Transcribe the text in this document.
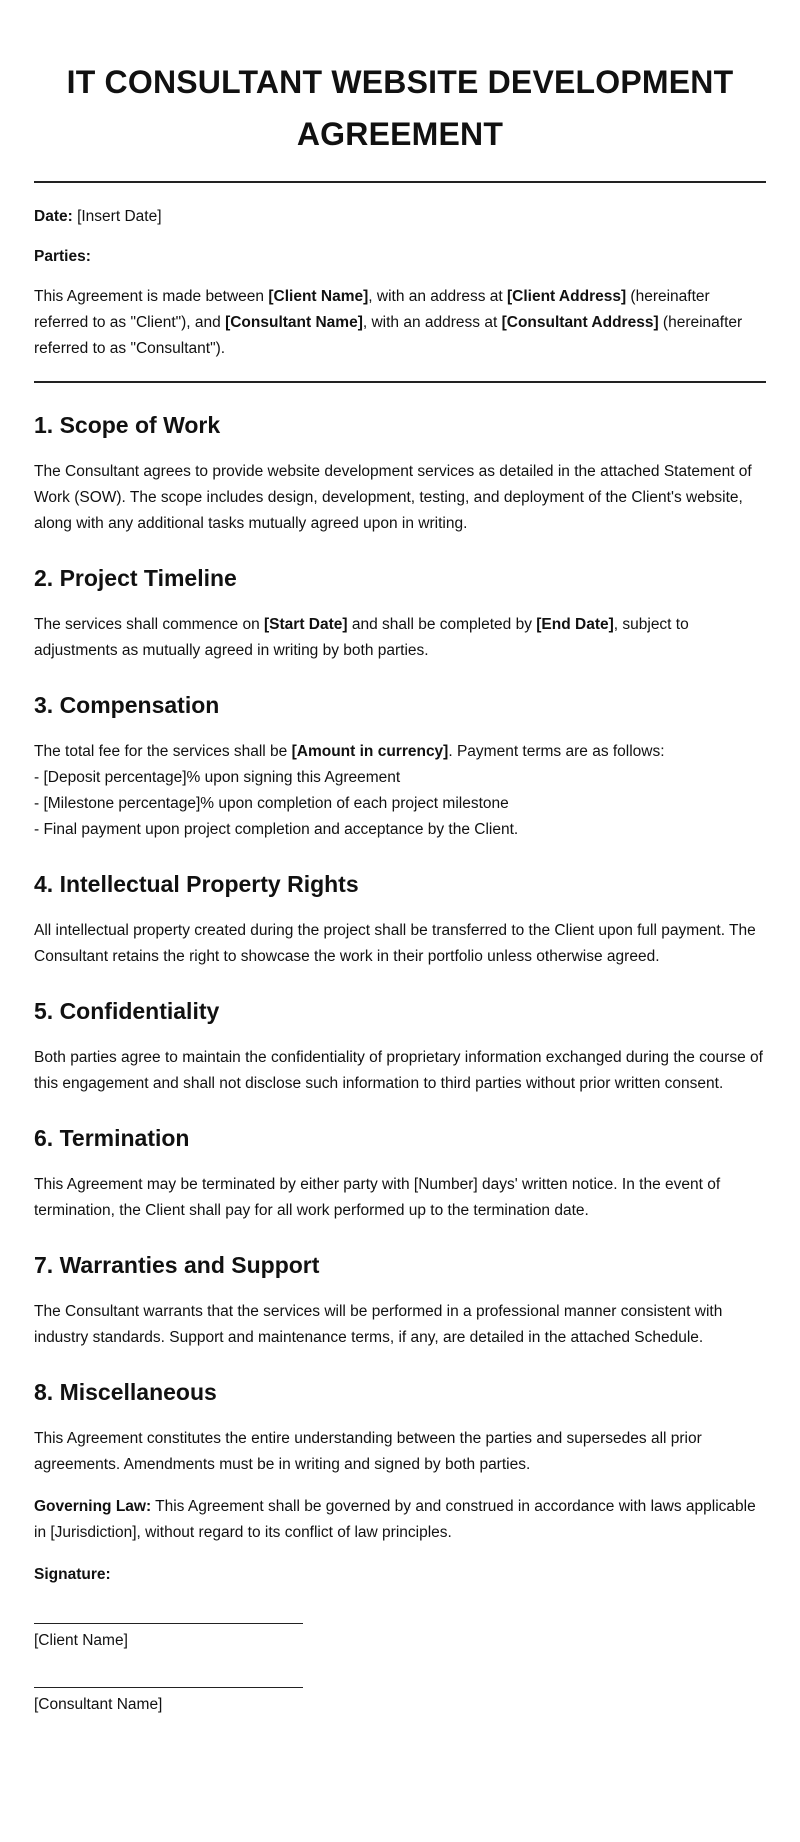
IT CONSULTANT WEBSITE DEVELOPMENT AGREEMENT

Date: [Insert Date]

Parties:

This Agreement is made between [Client Name], with an address at [Client Address] (hereinafter referred to as "Client"), and [Consultant Name], with an address at [Consultant Address] (hereinafter referred to as "Consultant").

1. Scope of Work

The Consultant agrees to provide website development services as detailed in the attached Statement of Work (SOW). The scope includes design, development, testing, and deployment of the Client's website, along with any additional tasks mutually agreed upon in writing.

2. Project Timeline

The services shall commence on [Start Date] and shall be completed by [End Date], subject to adjustments as mutually agreed in writing by both parties.

3. Compensation

The total fee for the services shall be [Amount in currency]. Payment terms are as follows:
- [Deposit percentage]% upon signing this Agreement
- [Milestone percentage]% upon completion of each project milestone
- Final payment upon project completion and acceptance by the Client.

4. Intellectual Property Rights

All intellectual property created during the project shall be transferred to the Client upon full payment. The Consultant retains the right to showcase the work in their portfolio unless otherwise agreed.

5. Confidentiality

Both parties agree to maintain the confidentiality of proprietary information exchanged during the course of this engagement and shall not disclose such information to third parties without prior written consent.

6. Termination

This Agreement may be terminated by either party with [Number] days' written notice. In the event of termination, the Client shall pay for all work performed up to the termination date.

7. Warranties and Support

The Consultant warrants that the services will be performed in a professional manner consistent with industry standards. Support and maintenance terms, if any, are detailed in the attached Schedule.

8. Miscellaneous

This Agreement constitutes the entire understanding between the parties and supersedes all prior agreements. Amendments must be in writing and signed by both parties.

Governing Law: This Agreement shall be governed by and construed in accordance with laws applicable in [Jurisdiction], without regard to its conflict of law principles.

Signature:

[Client Name]

[Consultant Name]
